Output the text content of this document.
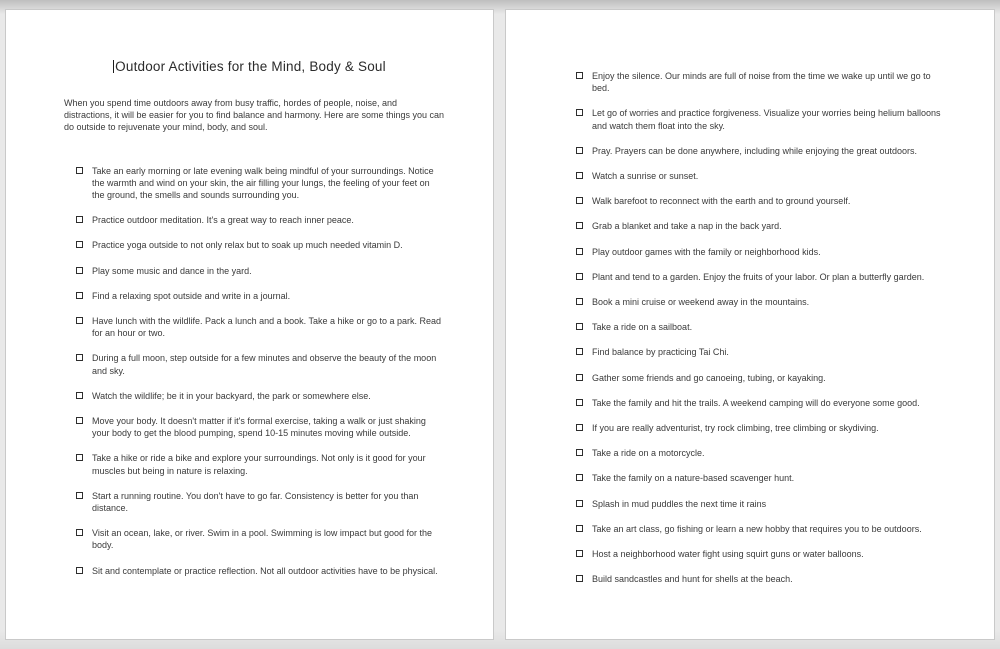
Outdoor Activities for the Mind, Body & Soul

When you spend time outdoors away from busy traffic, hordes of people, noise, and distractions, it will be easier for you to find balance and harmony. Here are some things you can do outside to rejuvenate your mind, body, and soul.

Take an early morning or late evening walk being mindful of your surroundings. Notice the warmth and wind on your skin, the air filling your lungs, the feeling of your feet on the ground, the smells and sounds surrounding you.
Practice outdoor meditation. It's a great way to reach inner peace.
Practice yoga outside to not only relax but to soak up much needed vitamin D.
Play some music and dance in the yard.
Find a relaxing spot outside and write in a journal.
Have lunch with the wildlife. Pack a lunch and a book. Take a hike or go to a park. Read for an hour or two.
During a full moon, step outside for a few minutes and observe the beauty of the moon and sky.
Watch the wildlife; be it in your backyard, the park or somewhere else.
Move your body. It doesn't matter if it's formal exercise, taking a walk or just shaking your body to get the blood pumping, spend 10-15 minutes moving while outside.
Take a hike or ride a bike and explore your surroundings. Not only is it good for your muscles but being in nature is relaxing.
Start a running routine. You don't have to go far. Consistency is better for you than distance.
Visit an ocean, lake, or river. Swim in a pool. Swimming is low impact but good for the body.
Sit and contemplate or practice reflection. Not all outdoor activities have to be physical.
Enjoy the silence. Our minds are full of noise from the time we wake up until we go to bed.
Let go of worries and practice forgiveness. Visualize your worries being helium balloons and watch them float into the sky.
Pray. Prayers can be done anywhere, including while enjoying the great outdoors.
Watch a sunrise or sunset.
Walk barefoot to reconnect with the earth and to ground yourself.
Grab a blanket and take a nap in the back yard.
Play outdoor games with the family or neighborhood kids.
Plant and tend to a garden. Enjoy the fruits of your labor. Or plan a butterfly garden.
Book a mini cruise or weekend away in the mountains.
Take a ride on a sailboat.
Find balance by practicing Tai Chi.
Gather some friends and go canoeing, tubing, or kayaking.
Take the family and hit the trails. A weekend camping will do everyone some good.
If you are really adventurist, try rock climbing, tree climbing or skydiving.
Take a ride on a motorcycle.
Take the family on a nature-based scavenger hunt.
Splash in mud puddles the next time it rains
Take an art class, go fishing or learn a new hobby that requires you to be outdoors.
Host a neighborhood water fight using squirt guns or water balloons.
Build sandcastles and hunt for shells at the beach.
